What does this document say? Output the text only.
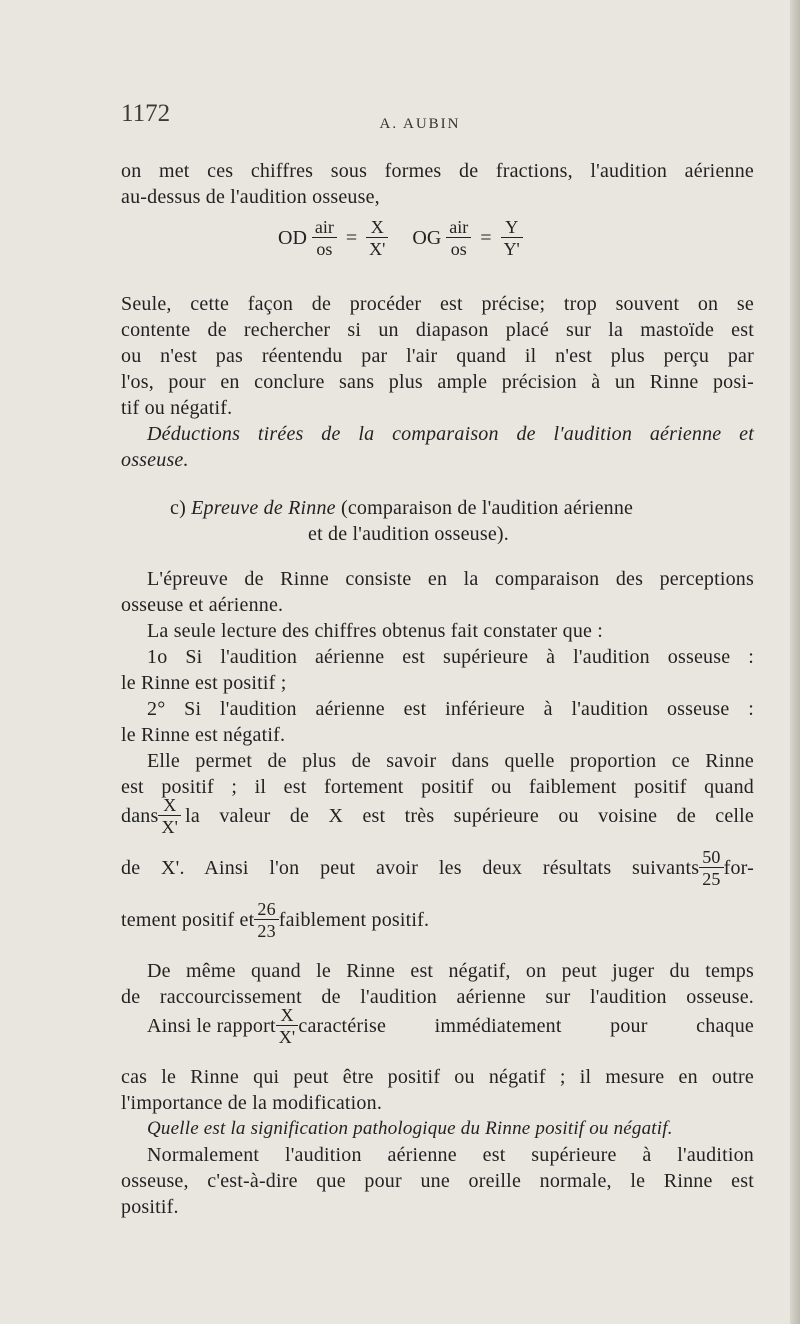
1172	A. AUBIN
on met ces chiffres sous formes de fractions, l'audition aérienne
au-dessus de l'audition osseuse,
OD $\frac{\text{air}}{os} = \frac{X}{X'}$ OG $\frac{\text{air}}{os} = \frac{Y}{Y'}$
Seule, cette façon de procéder est précise; trop souvent on se
contente de rechercher si un diapason placé sur la mastoïde est
ou n'est pas réentendu par l'air quand il n'est plus perçu par
l'os, pour en conclure sans plus ample précision à un Rinne posi-
tif ou négatif.
Déductions tirées de la comparaison de l'audition aérienne et
osseuse.
c) Epreuve de Rinne (comparaison de l'audition aérienne
et de l'audition osseuse).
L'épreuve de Rinne consiste en la comparaison des perceptions
osseuse et aérienne.
La seule lecture des chiffres obtenus fait constater que :
1o Si l'audition aérienne est supérieure à l'audition osseuse :
le Rinne est positif ;
2° Si l'audition aérienne est inférieure à l'audition osseuse :
le Rinne est négatif.
Elle permet de plus de savoir dans quelle proportion ce Rinne
est positif ; il est fortement positif ou faiblement positif quand
dans $\frac{X}{X'}$ la valeur de X est très supérieure ou voisine de celle
de X'. Ainsi l'on peut avoir les deux résultats suivants $\frac{50}{25} for-$
tement positif et $\frac{26}{23}$ faiblement positif.
De même quand le Rinne est négatif, on peut juger du temps
de raccourcissement de l'audition aérienne sur l'audition osseuse.
Ainsi le rapport $\frac{X}{X'}$ caractérise immédiatement pour chaque
cas le Rinne qui peut être positif ou négatif ; il mesure en outre
l'importance de la modification.
Quelle est la signification pathologique du Rinne positif ou négatif.
Normalement l'audition aérienne est supérieure à l'audition
osseuse, c'est-à-dire que pour une oreille normale, le Rinne est
positif.
